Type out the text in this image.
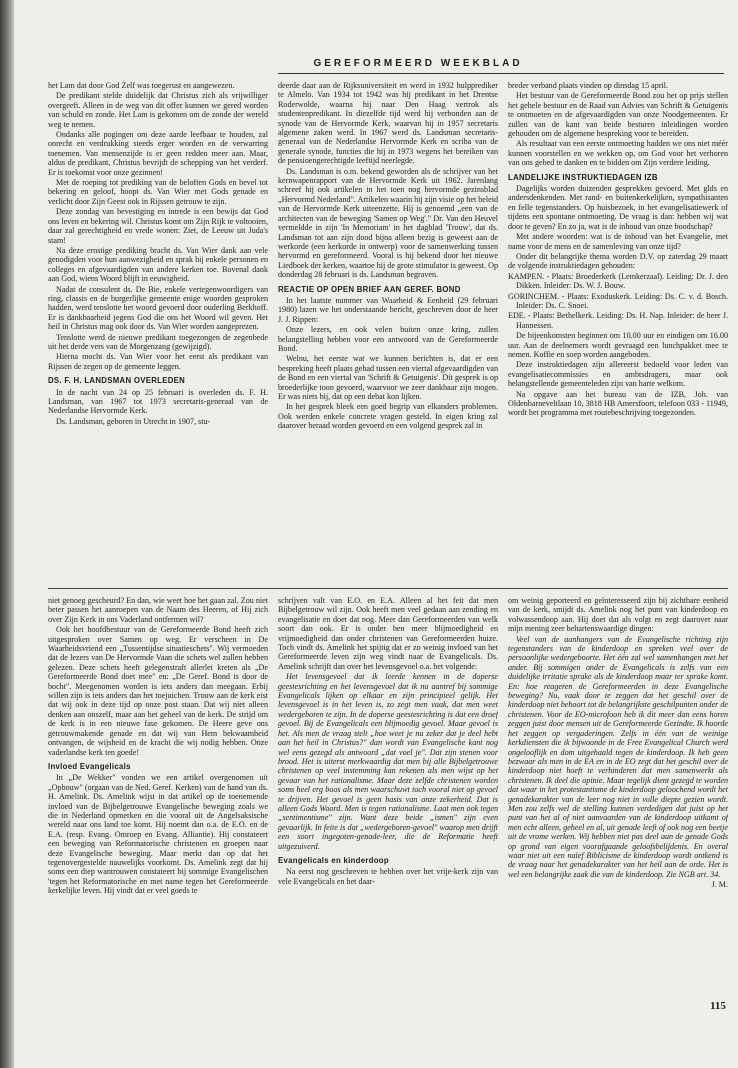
GEREFORMEERD WEEKBLAD

het Lam dat door God Zelf was toegerust en aangewezen.

De predikant stelde duidelijk dat Christus zich als vrijwilliger overgeeft. Alleen in de weg van dit offer kunnen we gered worden van schuld en zonde. Het Lam is gekomen om de zonde der wereld weg te nemen.

Ondanks alle pogingen om deze aarde leefbaar te houden, zal onrecht en verdrukking steeds erger worden en de verwarring toenemen. Van mensenzijde is er geen redden meer aan. Maar, aldus de predikant, Christus bevrijdt de schepping van het verderf. Er is toekomst voor onze gezinnen!

Met de roeping tot prediking van de beloften Gods en bevel tot bekering en geloof, hoopt ds. Van Wier met Gods genade en verlicht door Zijn Geest ook in Rijssen getrouw te zijn.

Deze zondag van bevestiging en intrede is een bewijs dat God ons leven en bekering wil. Christus komt om Zijn Rijk te voltooien, daar zal gerechtigheid en vrede wonen: Ziet, de Leeuw uit Juda's stam!

Na deze ernstige prediking bracht ds. Van Wier dank aan vele genodigden voor hun aanwezigheid en sprak hij enkele personen en colleges en afgevaardigden van andere kerken toe. Bovenal dank aan God, wiens Woord blijft in eeuwigheid.

Nadat de consulent ds. De Bie, enkele vertegenwoordigers van ring, classis en de burgerlijke gemeente enige woorden gesproken hadden, werd tenslotte het woord gevoerd door ouderling Berkhoff. Er is dankbaarheid jegens God die ons het Woord wil geven. Het heil in Christus mag ook door ds. Van Wier worden aangeprezen.

Tenslotte werd de nieuwe predikant toegezongen de zegenbede uit het derde vers van de Morgenzang (gewijzigd).

Hierna mocht ds. Van Wier voor het eerst als predikant van Rijssen de zegen op de gemeente leggen.

DS. F. H. LANDSMAN OVERLEDEN

In de nacht van 24 op 25 februari is overleden ds. F. H. Landsman, van 1967 tot 1973 secretaris-generaal van de Nederlandse Hervormde Kerk.

Ds. Landsman, geboren in Utrecht in 1907, stu-

deerde daar aan de Rijksuniversiteit en werd in 1932 hulpprediker te Almelo. Van 1934 tot 1942 was hij predikant in het Drentse Roderwolde, waarna hij naar Den Haag vertrok als studentenpredikant. In diezelfde tijd werd hij verbonden aan de synode van de Hervormde Kerk, waarvan hij in 1957 secretaris algemene zaken werd. In 1967 werd ds. Landsman secretaris-generaal van de Nederlandse Hervormde Kerk en scriba van de generale synode, functies die hij in 1973 wegens het bereiken van de pensioengerechtigde leeftijd neerlegde.

Ds. Landsman is o.m. bekend geworden als de schrijver van het kernwapenrapport van de Hervormde Kerk uit 1962. Jarenlang schreef hij ook artikelen in het toen nog hervormde gezinsblad „Hervormd Nederland". Artikelen waarin hij zijn visie op het beleid van de Hervormde Kerk uiteenzette. Hij is genoemd „een van de architecten van de beweging 'Samen op Weg'." Dr. Van den Heuvel vermeldde in zijn 'In Memoriam' in het dagblad 'Trouw', dat ds. Landsman tot aan zijn dood bijna alleen bezig is geweest aan de werkorde (een kerkorde in ontwerp) voor de samenwerking tussen hervormd en gereformeerd. Vooral is hij bekend door het nieuwe Liedboek der kerken, waartoe hij de grote stimulator is geweest. Op donderdag 28 februari is ds. Landsman begraven.

REACTIE OP OPEN BRIEF AAN GEREF. BOND

In het laatste nummer van Waarheid & Eenheid (29 februari 1980) lazen we het onderstaande bericht, geschreven door de heer J. J. Rippen:

Onze lezers, en ook velen buiten onze kring, zullen belangstelling hebben voor een antwoord van de Gereformeerde Bond.

Welnu, het eerste wat we kunnen berichten is, dat er een bespreking heeft plaats gehad tussen een viertal afgevaardigden van de Bond en een viertal van 'Schrift & Getuigenis'. Dit gesprek is op broederlijke toon gevoerd, waarvoor we zeer dankbaar zijn mogen. Er was niets bij, dat op een debat kon lijken.

In het gesprek bleek een goed begrip van elkanders problemen. Ook werden enkele concrete vragen gesteld. In eigen kring zal daarover beraad worden gevoerd en een volgend gesprek zal in

breder verband plaats vinden op dinsdag 15 april.

Het bestuur van de Gereformeerde Bond zou het op prijs stellen het gehele bestuur en de Raad van Advies van Schrift & Getuigenis te ontmoeten en de afgevaardigden van onze Noodgemeenten. Er zullen van de kant van beide besturen inleidingen worden gehouden om de algemene bespreking voor te bereiden.

Als resultaat van een eerste ontmoeting hadden we ons niet méér kunnen voorstellen en we wekken op, om God voor het verhoren van ons gebed te danken en te bidden om Zijn verdere leiding.

LANDELIJKE INSTRUKTIEDAGEN IZB

Dagelijks worden duizenden gesprekken gevoerd. Met glds en andersdenkenden. Met rand- en buitenkerkelijken, sympathisanten en felle tegenstanders. Op huisbezoek, in het evangelisatiewerk of tijdens een spontane ontmoeting. De vraag is dan: hebben wij wat door te geven? En zo ja, wat is de inhoud van onze boodschap?

Met andere woorden: wat is de inhoud van het Evangelie, met name voor de mens en de samenleving van onze tijd?

Onder dit belangrijke thema worden D.V. op zaterdag 29 maart de volgende instruktiedagen gehouden:

KAMPEN. - Plaats: Broederkerk (Lemkerzaal). Leiding: Dr. J. den Dikken. Inleider: Ds. W. J. Bouw.

GORINCHEM. - Plaats: Exoduskerk. Leiding: Ds. C. v. d. Bosch. Inleider: Ds. C. Snoei.

EDE. - Plaats: Bethelkerk. Leiding: Ds. H. Nap. Inleider: de heer J. Hannessen.

De bijeenkomsten beginnen om 10.00 uur en eindigen om 16.00 uur. Aan de deelnemers wordt gevraagd een lunchpakket mee te nemen. Koffie en soep worden aangeboden.

Deze instruktiedagen zijn allereerst bedoeld voor leden van evangelisatiecommissies en ambtsdragers, maar ook belangstellende gemeenteleden zijn van harte welkom.

Na opgave aan het bureau van de IZB, Joh. van Oldenbarneveltlaan 10, 3818 HB Amersfoort, telefoon 033 - 11949, wordt het programma met routebeschrijving toegezonden.

niet genoeg gescheurd? En dan, wie weet hoe het gaan zal. Zou niet beter passen het aanroepen van de Naam des Heeren, of Hij zich over Zijn Kerk in ons Vaderland ontfermen wil?

Ook het hoofdbestuur van de Gereformeerde Bond heeft zich uitgesproken over Samen op weg. Er verscheen in De Waarheidsvriend een „Tussentijdse situatieschets". Wij vermoeden dat de lezers van De Hervormde Vaan die schets wel zullen hebben gelezen. Deze schets heeft gelegenstraft allerlei kreten als „De Gereformeerde Bond doet mee" en: „De Geref. Bond is door de bocht". Meegenomen worden is iets anders dan meegaan. Erbij willen zijn is iets anders dan het toejuichen. Trouw aan de kerk eist dat wij ook in deze tijd op onze post staan. Dat wij niet alleen denken aan onszelf, maar aan het geheel van de kerk. De strijd om de kerk is in een nieuwe fase gekomen. De Heere geve ons getrouwmakende genade en dat wij van Hem bekwaamheid ontvangen, de wijsheid en de kracht die wij nodig hebben. Onze vaderlandse kerk ten goede!

Invloed Evangelicals

In „De Wekker" vonden we een artikel overgenomen uit „Opbouw" (orgaan van de Ned. Geref. Kerken) van de hand van ds. H. Amelink. Ds. Amelink wijst in dat artikel op de toenemende invloed van de Bijbelgetrouwe Evangelische beweging zoals we die in Nederland opmerken en die vooral uit de Angelsaksische wereld naar ons land toe komt. Hij noemt dan o.a. de E.O. en de E.A. (resp. Evang. Omroep en Evang. Alliantie). Hij constateert een beweging van Reformatorische christenen en groepen naar deze Evangelische beweging. Maar merkt dan op dat het tegenovergestelde nauwelijks voorkomt. Ds. Amelink zegt dat hij soms een diep wantrouwen constateert bij sommige Evangelischen 'tegen het Reformatorische en met name tegen het Gereformeerde kerkelijke leven. Hij vindt dat er veel goeds te

schrijven valt van E.O. en E.A. Alleen al het feit dat men Bijbelgetrouw wil zijn. Ook heeft men veel gedaan aan zending en evangelisatie en doet dat nog. Meer dan Gereformeerden van welk soort dan ook. Er is onder hen meer blijmoedigheid en vrijmoedigheid dan onder christenen van Gereformeerden huize. Toch vindt ds. Amelink het spijtig dat er zo weinig invloed van het Gereformeerde leven zijn weg vindt naar de Evangelicals. Ds. Amelink schrijft dan over het levensgevoel o.a. het volgende:

Het levensgevoel dat ik leerde kennen in de doperse geestesrichting en het levensgevoel dat ik nu aantref bij sommige Evangelicals lijken op elkaar en zijn principieel gelijk. Het levensgevoel is in het leven is, zo zegt men vaak, dat men weet wedergeboren te zijn. In de doperse geestesrichting is dat een droef gevoel. Bij de Evangelicals een blijmoedig gevoel. Maar gevoel is het. Als men de vraag stelt „hoe weet je nu zeker dat je deel hebt aan het heil in Christus?" dan wordt van Evangelische kant nog wel eens gezegd als antwoord „dat voel je". Dat zijn stenen voor brood. Het is uiterst merkwaardig dat men bij alle Bijbelgetrouwe christenen op veel instemming kan rekenen als men wijst op het gevaar van het rationalisme. Maar deze zelfde christenen worden soms heel erg boos als men waarschuwt toch vooral niet op gevoel te drijven. Het gevoel is geen basis van onze zekerheid. Dat is alleen Gods Woord. Men is tegen rationalisme. Laat men ook tegen „sentimentisme" zijn. Want deze beide „ismen" zijn even gevaarlijk. In feite is dat „wedergeboren-gevoel" waarop men drijft een soort ingegoten-genade-leer, die de Reformatie heeft uitgezuiverd.

Evangelicals en kinderdoop

Na eerst nog geschreven te hebben over het vrije-kerk zijn van vele Evangelicals en het daar-

om weinig geporteerd en geïnteresseerd zijn bij zichtbare eenheid van de kerk, smijdt ds. Amelink nog het punt van kinderdoop en volwassendoop aan. Hij doet dat als volgt en zegt daarover naar mijn mening zeer behartenswaardige dingen:

Veel van de aanhangers van de Evangelische richting zijn tegenstanders van de kinderdoop en spreken veel over de persoonlijke wedergeboorte. Het één zal wel samenhangen met het ander. Bij sommigen onder de Evangelicals is zelfs van een duidelijke irritatie sprake als de kinderdoop maar ter sprake komt. En: hoe reageren de Gereformeerden in deze Evangelische beweging? Nu, vaak door te zeggen dat het geschil over de kinderdoop niet behoort tot de belangrijkste geschilpunten onder de christenen. Voor de EO-microfoon heb ik dit meer dan eens horen zeggen juist door mensen uit de Gereformeerde Gezindte. Ik hoorde het zeggen op vergaderingen. Zelfs in één van de weinige kerkdiensten die ik bijwoonde in de Free Evangelical Church werd ongelooflijk en dom uitgehaald tegen de kinderdoop. Ik heb geen bezwaar als men in de EA en in de EO zegt dat het geschil over de kinderdoop niet hoeft te verhinderen dat men samenwerkt als christenen. Ik deel die opinie. Maar tegelijk dient gezegd te worden dat waar in het protestantisme de kinderdoop geloochend wordt het genadekarakter van de leer nog niet in volle diepte gezien wordt. Men zou zelfs wel de stelling kunnen verdedigen dat juist op het punt van het al of niet aanvaarden van de kinderdoop uitkomt of men echt alleen, geheel en al, uit genade leeft of ook nog een beetje uit de vrome werken. Wij hebben niet pas deel aan de genade Gods op grond van eigen voorafgaande geloofsbelijdenis. En overal waar niet uit een naïef Biblicisme de kinderdoop wordt ontkend is de vraag naar het genadekarakter van het heil aan de orde. Het is wel een belangrijke zaak die van de kinderdoop. Zie NGB art. 34.

J. M.

115
